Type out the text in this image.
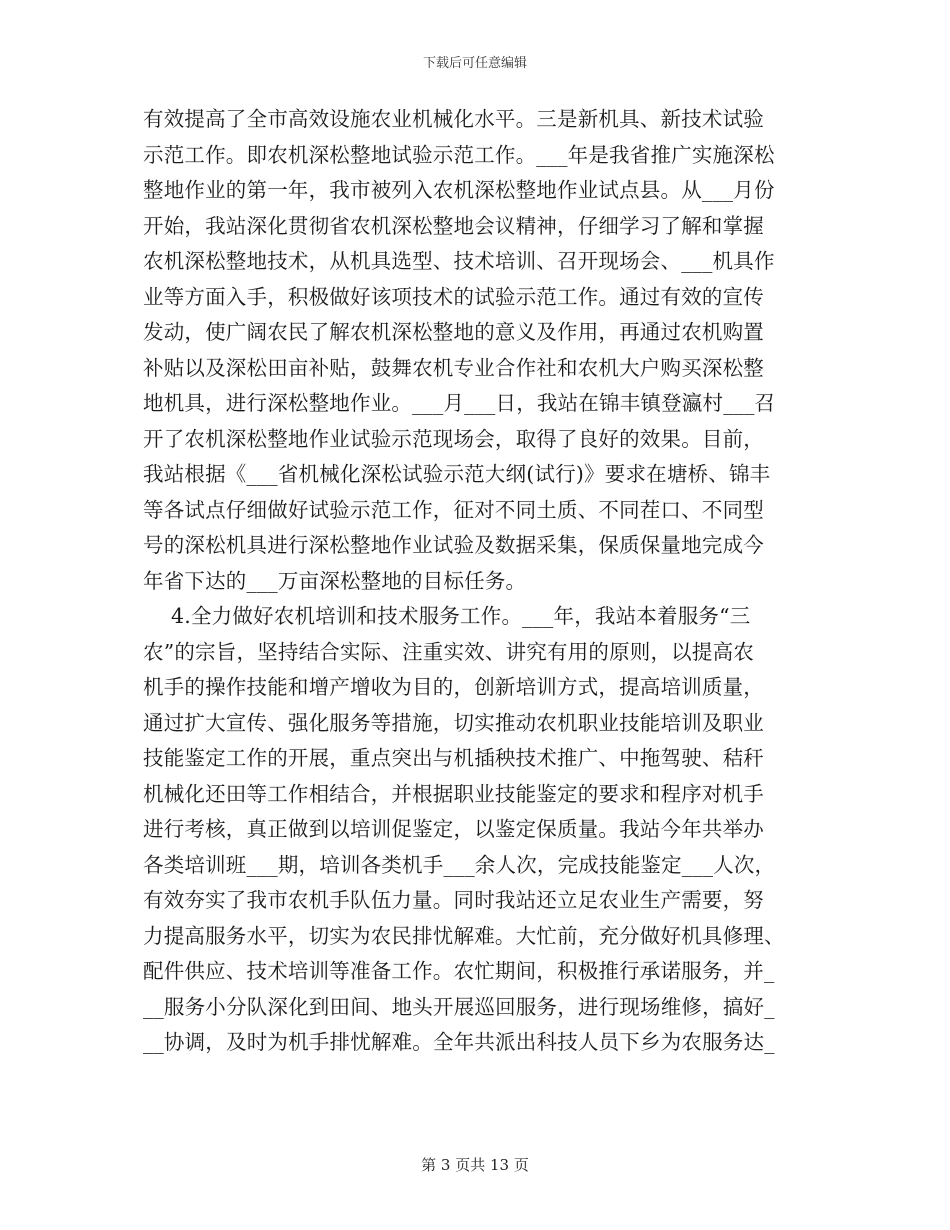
下载后可任意编辑
有效提高了全市高效设施农业机械化水平。三是新机具、新技术试验
示范工作。即农机深松整地试验示范工作。___年是我省推广实施深松
整地作业的第一年，我市被列入农机深松整地作业试点县。从___月份
开始，我站深化贯彻省农机深松整地会议精神，仔细学习了解和掌握
农机深松整地技术，从机具选型、技术培训、召开现场会、___机具作
业等方面入手，积极做好该项技术的试验示范工作。通过有效的宣传
发动，使广阔农民了解农机深松整地的意义及作用，再通过农机购置
补贴以及深松田亩补贴，鼓舞农机专业合作社和农机大户购买深松整
地机具，进行深松整地作业。___月___日，我站在锦丰镇登瀛村___召
开了农机深松整地作业试验示范现场会，取得了良好的效果。目前，
我站根据《___省机械化深松试验示范大纲(试行)》要求在塘桥、锦丰
等各试点仔细做好试验示范工作，征对不同土质、不同茬口、不同型
号的深松机具进行深松整地作业试验及数据采集，保质保量地完成今
年省下达的___万亩深松整地的目标任务。
4.全力做好农机培训和技术服务工作。___年，我站本着服务“三
农”的宗旨，坚持结合实际、注重实效、讲究有用的原则，以提高农
机手的操作技能和增产增收为目的，创新培训方式，提高培训质量，
通过扩大宣传、强化服务等措施，切实推动农机职业技能培训及职业
技能鉴定工作的开展，重点突出与机插秧技术推广、中拖驾驶、秸秆
机械化还田等工作相结合，并根据职业技能鉴定的要求和程序对机手
进行考核，真正做到以培训促鉴定，以鉴定保质量。我站今年共举办
各类培训班___期，培训各类机手___余人次，完成技能鉴定___人次，
有效夯实了我市农机手队伍力量。同时我站还立足农业生产需要，努
力提高服务水平，切实为农民排忧解难。大忙前，充分做好机具修理、
配件供应、技术培训等准备工作。农忙期间，积极推行承诺服务，并_
__服务小分队深化到田间、地头开展巡回服务，进行现场维修，搞好_
__协调，及时为机手排忧解难。全年共派出科技人员下乡为农服务达_
第 3 页共 13 页
